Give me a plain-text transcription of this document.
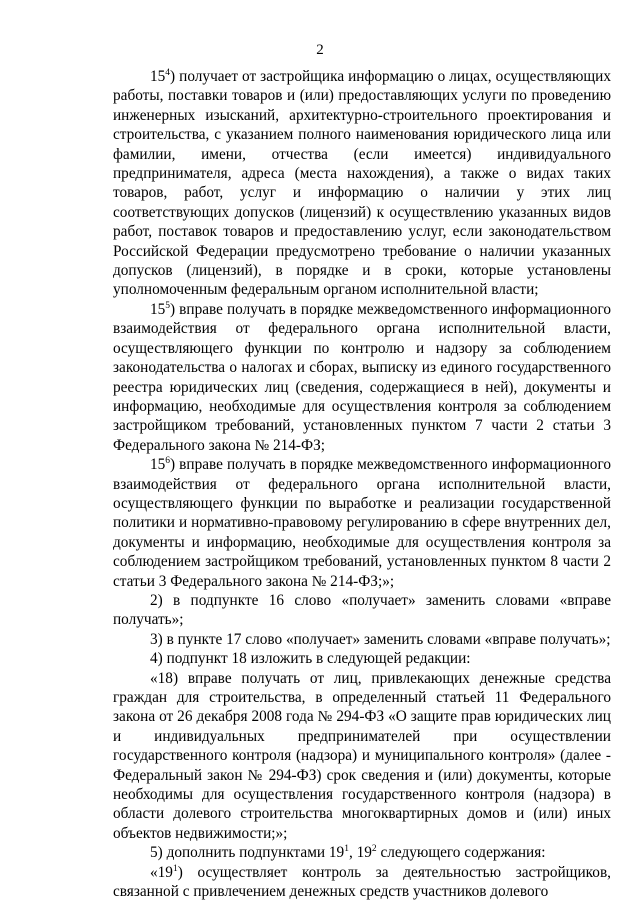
2

$15^4$) получает от застройщика информацию о лицах, осуществляющих работы, поставки товаров и (или) предоставляющих услуги по проведению инженерных изысканий, архитектурно-строительного проектирования и строительства, с указанием полного наименования юридического лица или фамилии, имени, отчества (если имеется) индивидуального предпринимателя, адреса (места нахождения), а также о видах таких товаров, работ, услуг и информацию о наличии у этих лиц соответствующих допусков (лицензий) к осуществлению указанных видов работ, поставок товаров и предоставлению услуг, если законодательством Российской Федерации предусмотрено требование о наличии указанных допусков (лицензий), в порядке и в сроки, которые установлены уполномоченным федеральным органом исполнительной власти;

$15^5$) вправе получать в порядке межведомственного информационного взаимодействия от федерального органа исполнительной власти, осуществляющего функции по контролю и надзору за соблюдением законодательства о налогах и сборах, выписку из единого государственного реестра юридических лиц (сведения, содержащиеся в ней), документы и информацию, необходимые для осуществления контроля за соблюдением застройщиком требований, установленных пунктом 7 части 2 статьи 3 Федерального закона № 214-ФЗ;

$15^6$) вправе получать в порядке межведомственного информационного взаимодействия от федерального органа исполнительной власти, осуществляющего функции по выработке и реализации государственной политики и нормативно-правовому регулированию в сфере внутренних дел, документы и информацию, необходимые для осуществления контроля за соблюдением застройщиком требований, установленных пунктом 8 части 2 статьи 3 Федерального закона № 214-ФЗ;»;

2) в подпункте 16 слово «получает» заменить словами «вправе получать»;

3) в пункте 17 слово «получает» заменить словами «вправе получать»;

4) подпункт 18 изложить в следующей редакции:

«18) вправе получать от лиц, привлекающих денежные средства граждан для строительства, в определенный статьей 11 Федерального закона от 26 декабря 2008 года № 294-ФЗ «О защите прав юридических лиц и индивидуальных предпринимателей при осуществлении государственного контроля (надзора) и муниципального контроля» (далее - Федеральный закон № 294-ФЗ) срок сведения и (или) документы, которые необходимы для осуществления государственного контроля (надзора) в области долевого строительства многоквартирных домов и (или) иных объектов недвижимости;»;

5) дополнить подпунктами $19^1$, $19^2$ следующего содержания:

«$19^1$) осуществляет контроль за деятельностью застройщиков, связанной с привлечением денежных средств участников долевого
